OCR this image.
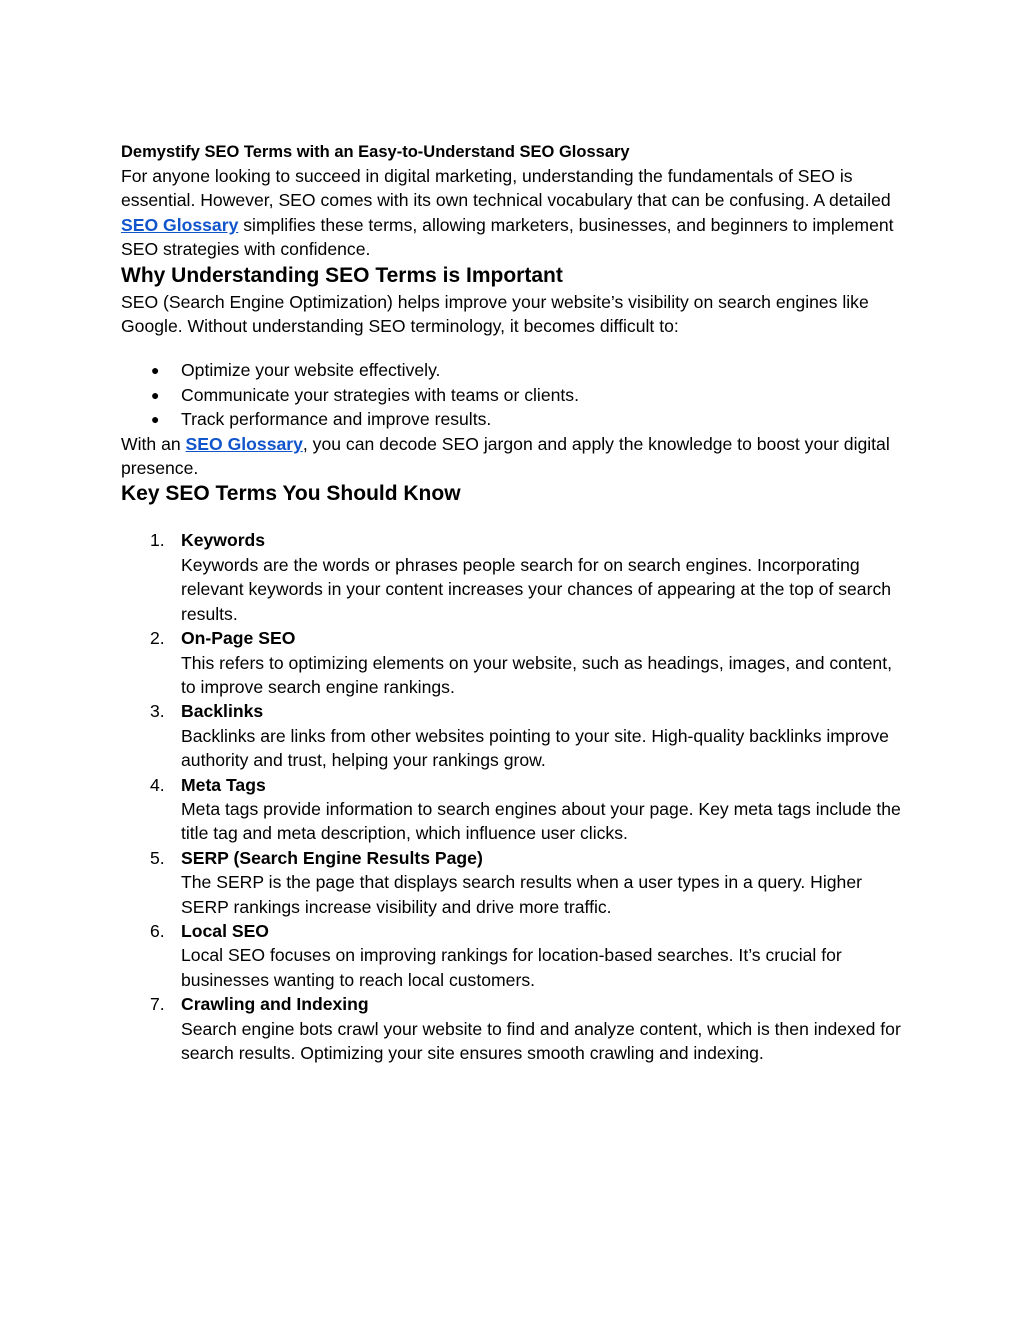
Demystify SEO Terms with an Easy-to-Understand SEO Glossary

For anyone looking to succeed in digital marketing, understanding the fundamentals of SEO is essential. However, SEO comes with its own technical vocabulary that can be confusing. A detailed SEO Glossary simplifies these terms, allowing marketers, businesses, and beginners to implement SEO strategies with confidence.

Why Understanding SEO Terms is Important

SEO (Search Engine Optimization) helps improve your website’s visibility on search engines like Google. Without understanding SEO terminology, it becomes difficult to:

● Optimize your website effectively.
● Communicate your strategies with teams or clients.
● Track performance and improve results.

With an SEO Glossary, you can decode SEO jargon and apply the knowledge to boost your digital presence.

Key SEO Terms You Should Know
1. Keywords
Keywords are the words or phrases people search for on search engines. Incorporating relevant keywords in your content increases your chances of appearing at the top of search results.
2. On-Page SEO
This refers to optimizing elements on your website, such as headings, images, and content, to improve search engine rankings.
3. Backlinks
Backlinks are links from other websites pointing to your site. High-quality backlinks improve authority and trust, helping your rankings grow.
4. Meta Tags
Meta tags provide information to search engines about your page. Key meta tags include the title tag and meta description, which influence user clicks.
5. SERP (Search Engine Results Page)
The SERP is the page that displays search results when a user types in a query. Higher SERP rankings increase visibility and drive more traffic.
6. Local SEO
Local SEO focuses on improving rankings for location-based searches. It’s crucial for businesses wanting to reach local customers.
7. Crawling and Indexing
Search engine bots crawl your website to find and analyze content, which is then indexed for search results. Optimizing your site ensures smooth crawling and indexing.
